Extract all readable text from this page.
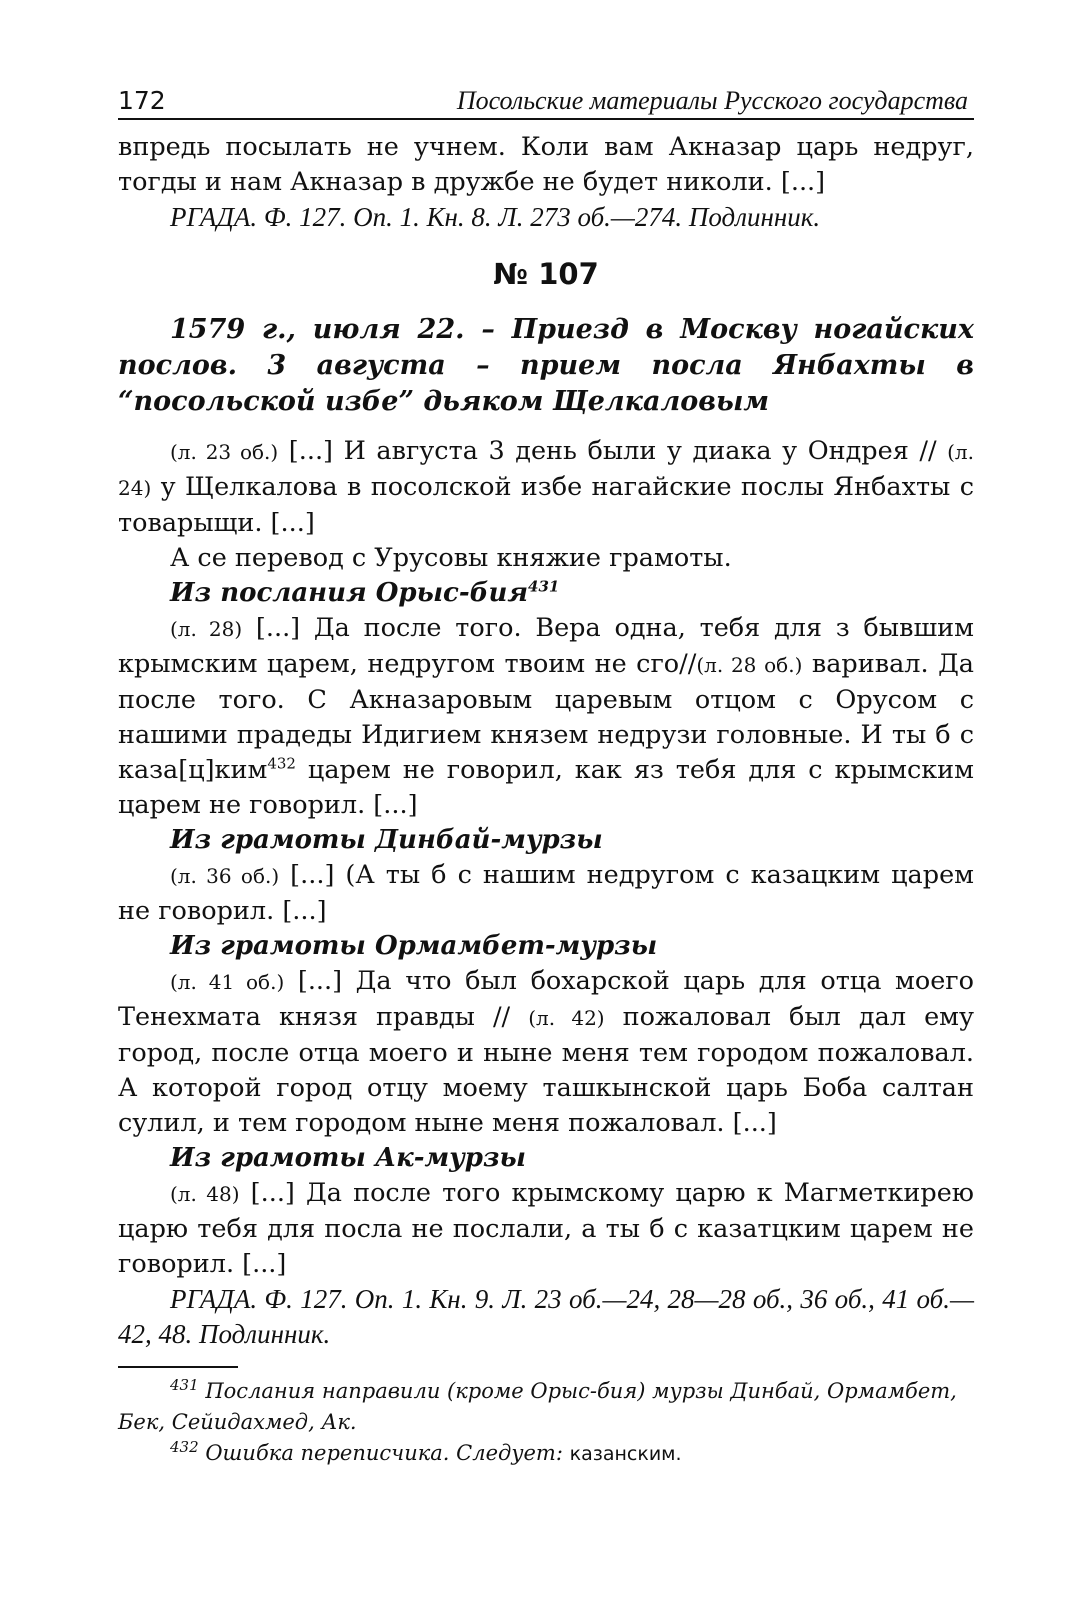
172	Посольские материалы Русского государства

впредь посылать не учнем. Коли вам Акназар царь недруг, тогды и нам Акназар в дружбе не будет николи. [...]

РГАДА. Ф. 127. Оп. 1. Кн. 8. Л. 273 об.—274. Подлинник.

№ 107

1579 г., июля 22. – Приезд в Москву ногайских послов. 3 августа – прием посла Янбахты в “посольской избе” дьяком Щелкаловым

(л. 23 об.) [...] И августа 3 день были у диака у Ондрея // (л. 24) у Щелкалова в посолской избе нагайские послы Янбахты с товарыщи. [...]

А се перевод с Урусовы княжие грамоты.

Из послания Орыс-бия$^{431}$

(л. 28) [...] Да после того. Вера одна, тебя для з бывшим крымским царем, недругом твоим не сго//(л. 28 об.) варивал. Да после того. С Акназаровым царевым отцом с Орусом с нашими прадеды Идигием князем недрузи головные. И ты б с каза[ц]ким$^{432}$ царем не говорил, как яз тебя для с крымским царем не говорил. [...]

Из грамоты Динбай-мурзы

(л. 36 об.) [...] (А ты б с нашим недругом с казацким царем не говорил. [...]

Из грамоты Ормамбет-мурзы

(л. 41 об.) [...] Да что был бохарской царь для отца моего Тенехмата князя правды // (л. 42) пожаловал был дал ему город, после отца моего и ныне меня тем городом пожаловал. А которой город отцу моему ташкынской царь Боба салтан сулил, и тем городом ныне меня пожаловал. [...]

Из грамоты Ак-мурзы

(л. 48) [...] Да после того крымскому царю к Магметкирею царю тебя для посла не послали, а ты б с казатцким царем не говорил. [...]

РГАДА. Ф. 127. Оп. 1. Кн. 9. Л. 23 об.—24, 28—28 об., 36 об., 41 об.—42, 48. Подлинник.

$^{431}$ Послания направили (кроме Орыс-бия) мурзы Динбай, Ормамбет, Бек, Сейидахмед, Ак.

$^{432}$ Ошибка переписчика. Следует: казанским.
